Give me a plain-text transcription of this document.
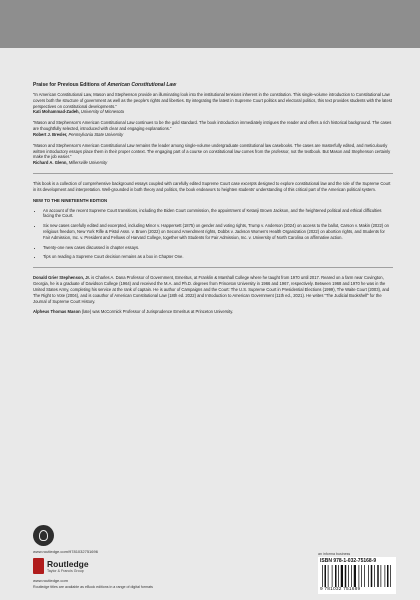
Praise for Previous Editions of American Constitutional Law

“In American Constitutional Law, Mason and Stephenson provide an illuminating look into the institutional tensions inherent in the constitution. This single-volume introduction to Constitutional Law covers both the structure of government as well as the people’s rights and liberties. By integrating the latest in Supreme Court politics and electoral politics, this text provides students with the latest perspectives on constitutional developments.”

Kati Mohammad-Zadeh, University of Minnesota

“Mason and Stephenson’s American Constitutional Law continues to be the gold standard. The book introduction immediately intrigues the reader and offers a rich historical background. The cases are thoughtfully selected, introduced with clear and engaging explanations.”

Robert J. Bresler, Pennsylvania State University

“Mason and Stephenson’s American Constitutional Law remains the leader among single-volume undergraduate constitutional law casebooks. The cases are masterfully edited, and meticulously written introductory essays place them in their proper context. The engaging part of a course on constitutional law comes from the professor, not the textbook. But Mason and Stephenson certainly make the job easier.”

Richard A. Glenn, Millersville University

This book is a collection of comprehensive background essays coupled with carefully edited Supreme Court case excerpts designed to explore constitutional law and the role of the Supreme Court in its development and interpretation. Well-grounded in both theory and politics, the book endeavors to heighten students’ understanding of this critical part of the American political system.

NEW TO THE NINETEENTH EDITION

• An account of the recent Supreme Court transitions, including the Biden Court commission, the appointment of Ketanji Brown Jackson, and the heightened political and ethical difficulties facing the Court.
• Six new cases carefully edited and excerpted, including Minor v. Happersett (1875) on gender and voting rights, Trump v. Anderson (2024) on access to the ballot, Carson v. Makin (2022) on religious freedom, New York Rifle & Pistol Assn. v. Bruen (2022) on Second Amendment rights, Dobbs v. Jackson Women’s Health Organization (2022) on abortion rights, and Students for Fair Admission, Inc. v. President and Fellows of Harvard College, together with Students for Fair Admission, Inc. v. University of North Carolina on affirmative action.
• Twenty-one new cases discussed in chapter essays.
• Tips on reading a Supreme Court decision remains as a box in Chapter One.

Donald Grier Stephenson, Jr. is Charles A. Dana Professor of Government, Emeritus, at Franklin & Marshall College where he taught from 1970 until 2017. Reared on a farm near Covington, Georgia, he is a graduate of Davidson College (1964) and received the M.A. and Ph.D. degrees from Princeton University in 1966 and 1967, respectively. Between 1968 and 1970 he was in the United States Army, completing his service at the rank of captain. He is author of Campaigns and the Court: The U.S. Supreme Court in Presidential Elections (1999), The Waite Court (2003), and The Right to Vote (2004), and is coauthor of American Constitutional Law (18th ed. 2022) and Introduction to American Government (11th ed., 2021). He writes “The Judicial Bookshelf” for the Journal of Supreme Court History.

Alpheus Thomas Mason (late) was McCormick Professor of Jurisprudence Emeritus at Princeton University.

www.routledge.com/9781032751696
Routledge
Taylor & Francis Group
www.routledge.com
Routledge titles are available as eBook editions in a range of digital formats
an informa business
ISBN 978-1-032-75168-9
9 781032 751689
